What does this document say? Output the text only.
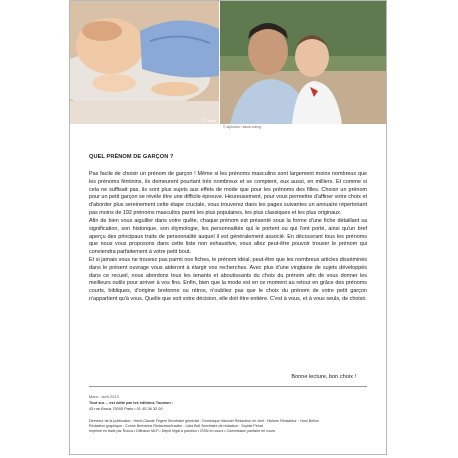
© Fotolia
© alphotos / stock.xchng
QUEL PRÉNOM DE GARÇON ?

Pas facile de choisir un prénom de garçon ! Même si les prénoms masculins sont largement moins nombreux que les prénoms féminins, ils demeurent pourtant très nombreux et se comptent, eux aussi, en milliers. Et comme si cela ne suffisait pas, ils sont plus sujets aux effets de mode que pour les prénoms des filles. Choisir un prénom pour un petit garçon se révèle être une difficile épreuve. Heureusement, pour vous permettre d'affiner votre choix et d'aborder plus sereinement cette étape cruciale, vous trouverez dans les pages suivantes un annuaire répertoriant pas moins de 192 prénoms masculins parmi les plus populaires, les plus classiques et les plus originaux.

Afin de bien vous aiguiller dans votre quête, chaque prénom est présenté sous la forme d'une fiche détaillant sa signification, son historique, son étymologie, les personnalités qui le portent ou qui l'ont porté, ainsi qu'un bref aperçu des principaux traits de personnalité auquel il est généralement associé. En découvrant tous les prénoms que nous vous proposons dans cette liste non exhaustive, vous allez peut-être pouvoir trouver le prénom qui conviendra parfaitement à votre petit bout.

Et si jamais vous ne trouvez pas parmi nos fiches, le prénom idéal, peut-être que les nombreux articles disséminés dans le présent ouvrage vous aideront à élargir vos recherches. Avec plus d'une vingtaine de sujets développés dans ce recueil, nous abordons tous les tenants et aboutissants du choix du prénom afin de vous donner les meilleurs outils pour arriver à vos fins. Enfin, bien que la mode est en ce moment au retour en grâce des prénoms courts, bibliques, d'origine bretonne ou rétros, n'oubliez pas que le choix du prénom de votre petit garçon n'appartient qu'à vous. Quelle que soit votre décision, elle doit être entière. C'est à vous, et à vous seuls, de choisir.

Bonne lecture, bon choix !
Mars - avril 2013
Tout sur… est édité par les éditions Toumon :
43 rue Broca 75005 Paris • 01 45 36 32 00
Directeur de la publication : Henri-Claude Frigent Secrétaire générale : Dominique Hascoet Rédacteur en chef : Hichem Rédacteur : Yann Bellon
Rédaction graphique : Corine Berherine Rédactrice/traviter : Lidia Boli Secrétaire de rédaction : Sophie Péirat
Imprimé en Italie par Rocca • Diffusion MLP • Dépôt légal à parution • ISSN en cours • Commission paritaire en cours
